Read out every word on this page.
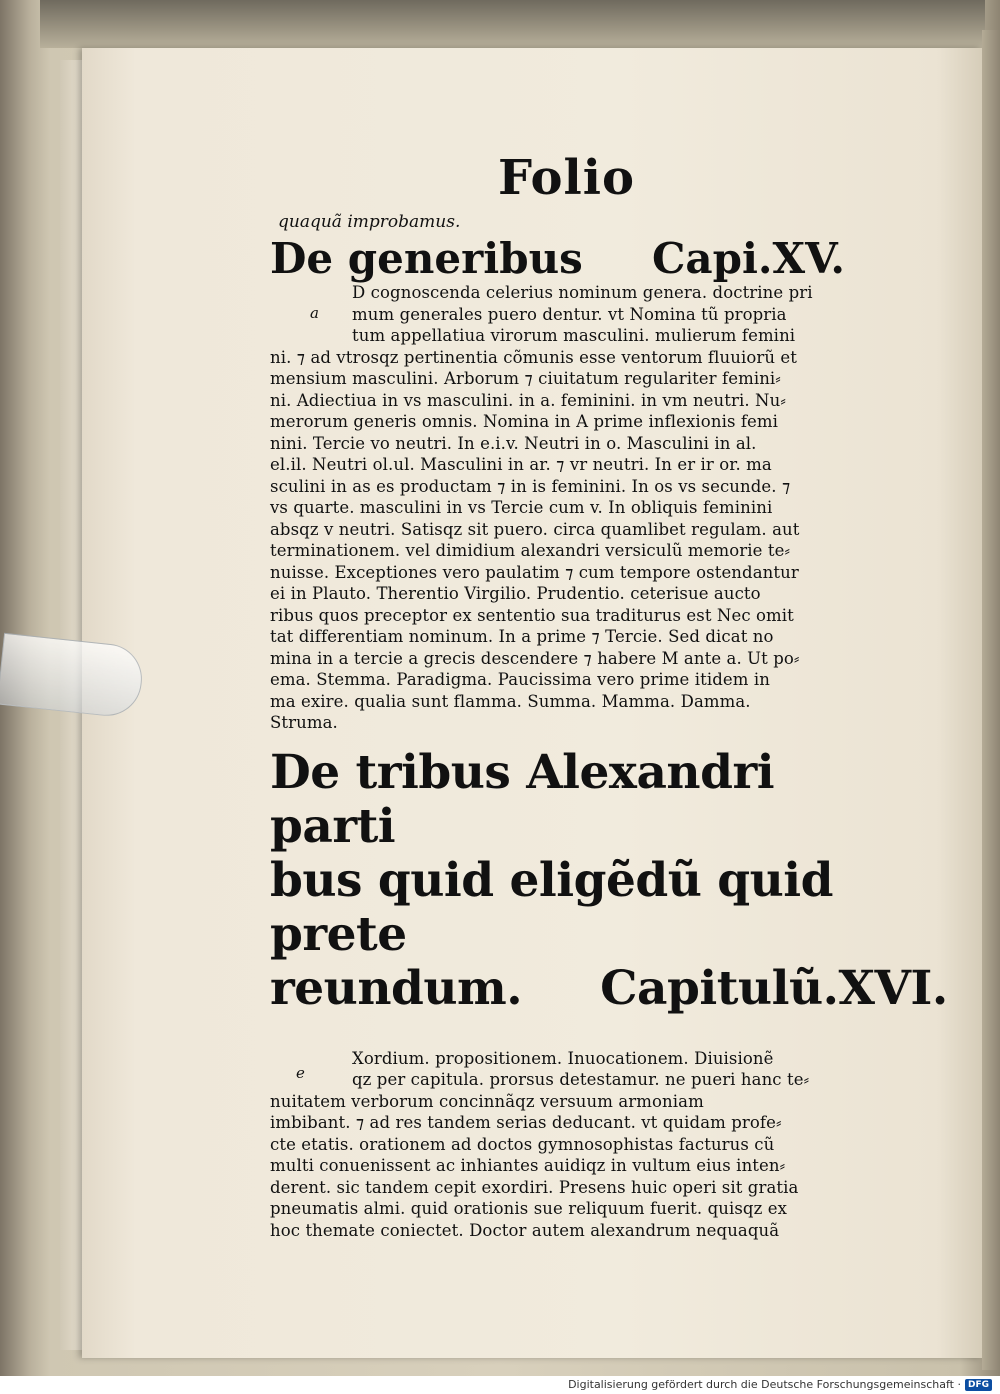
Folio
quaquã improbamus.
De generibus Capi.XV.
a

D cognoscenda celerius nominum genera. doctrine pri

mum generales puero dentur. vt Nomina tũ propria

tum appellatiua virorum masculini. mulierum femini

ni. ⁊ ad vtrosqz pertinentia cõmunis esse ventorum fluuiorũ et

mensium masculini. Arborum ⁊ ciuitatum regulariter femini⸗

ni. Adiectiua in vs masculini. in a. feminini. in vm neutri. Nu⸗

merorum generis omnis. Nomina in A prime inflexionis femi

nini. Tercie vo neutri. In e.i.v. Neutri in o. Masculini in al.

el.il. Neutri ol.ul. Masculini in ar. ⁊ vr neutri. In er ir or. ma

sculini in as es productam ⁊ in is feminini. In os vs secunde. ⁊

vs quarte. masculini in vs Tercie cum v. In obliquis feminini

absqz v neutri. Satisqz sit puero. circa quamlibet regulam. aut

terminationem. vel dimidium alexandri versiculũ memorie te⸗

nuisse. Exceptiones vero paulatim ⁊ cum tempore ostendantur

ei in Plauto. Therentio Virgilio. Prudentio. ceterisue aucto

ribus quos preceptor ex sententio sua traditurus est Nec omit

tat differentiam nominum. In a prime ⁊ Tercie. Sed dicat no

mina in a tercie a grecis descendere ⁊ habere M ante a. Ut po⸗

ema. Stemma. Paradigma. Paucissima vero prime itidem in

ma exire. qualia sunt flamma. Summa. Mamma. Damma.

Struma.

De tribus Alexandri parti
bus quid eligẽdũ quid prete
reundum. Capitulũ.XVI.
e

Xordium. propositionem. Inuocationem. Diuisionẽ

qz per capitula. prorsus detestamur. ne pueri hanc te⸗

nuitatem verborum concinnãqz versuum armoniam

imbibant. ⁊ ad res tandem serias deducant. vt quidam profe⸗

cte etatis. orationem ad doctos gymnosophistas facturus cũ

multi conuenissent ac inhiantes auidiqz in vultum eius inten⸗

derent. sic tandem cepit exordiri. Presens huic operi sit gratia

pneumatis almi. quid orationis sue reliquum fuerit. quisqz ex

hoc themate coniectet. Doctor autem alexandrum nequaquã

Digitalisierung gefördert durch die Deutsche Forschungsgemeinschaft · DFG
